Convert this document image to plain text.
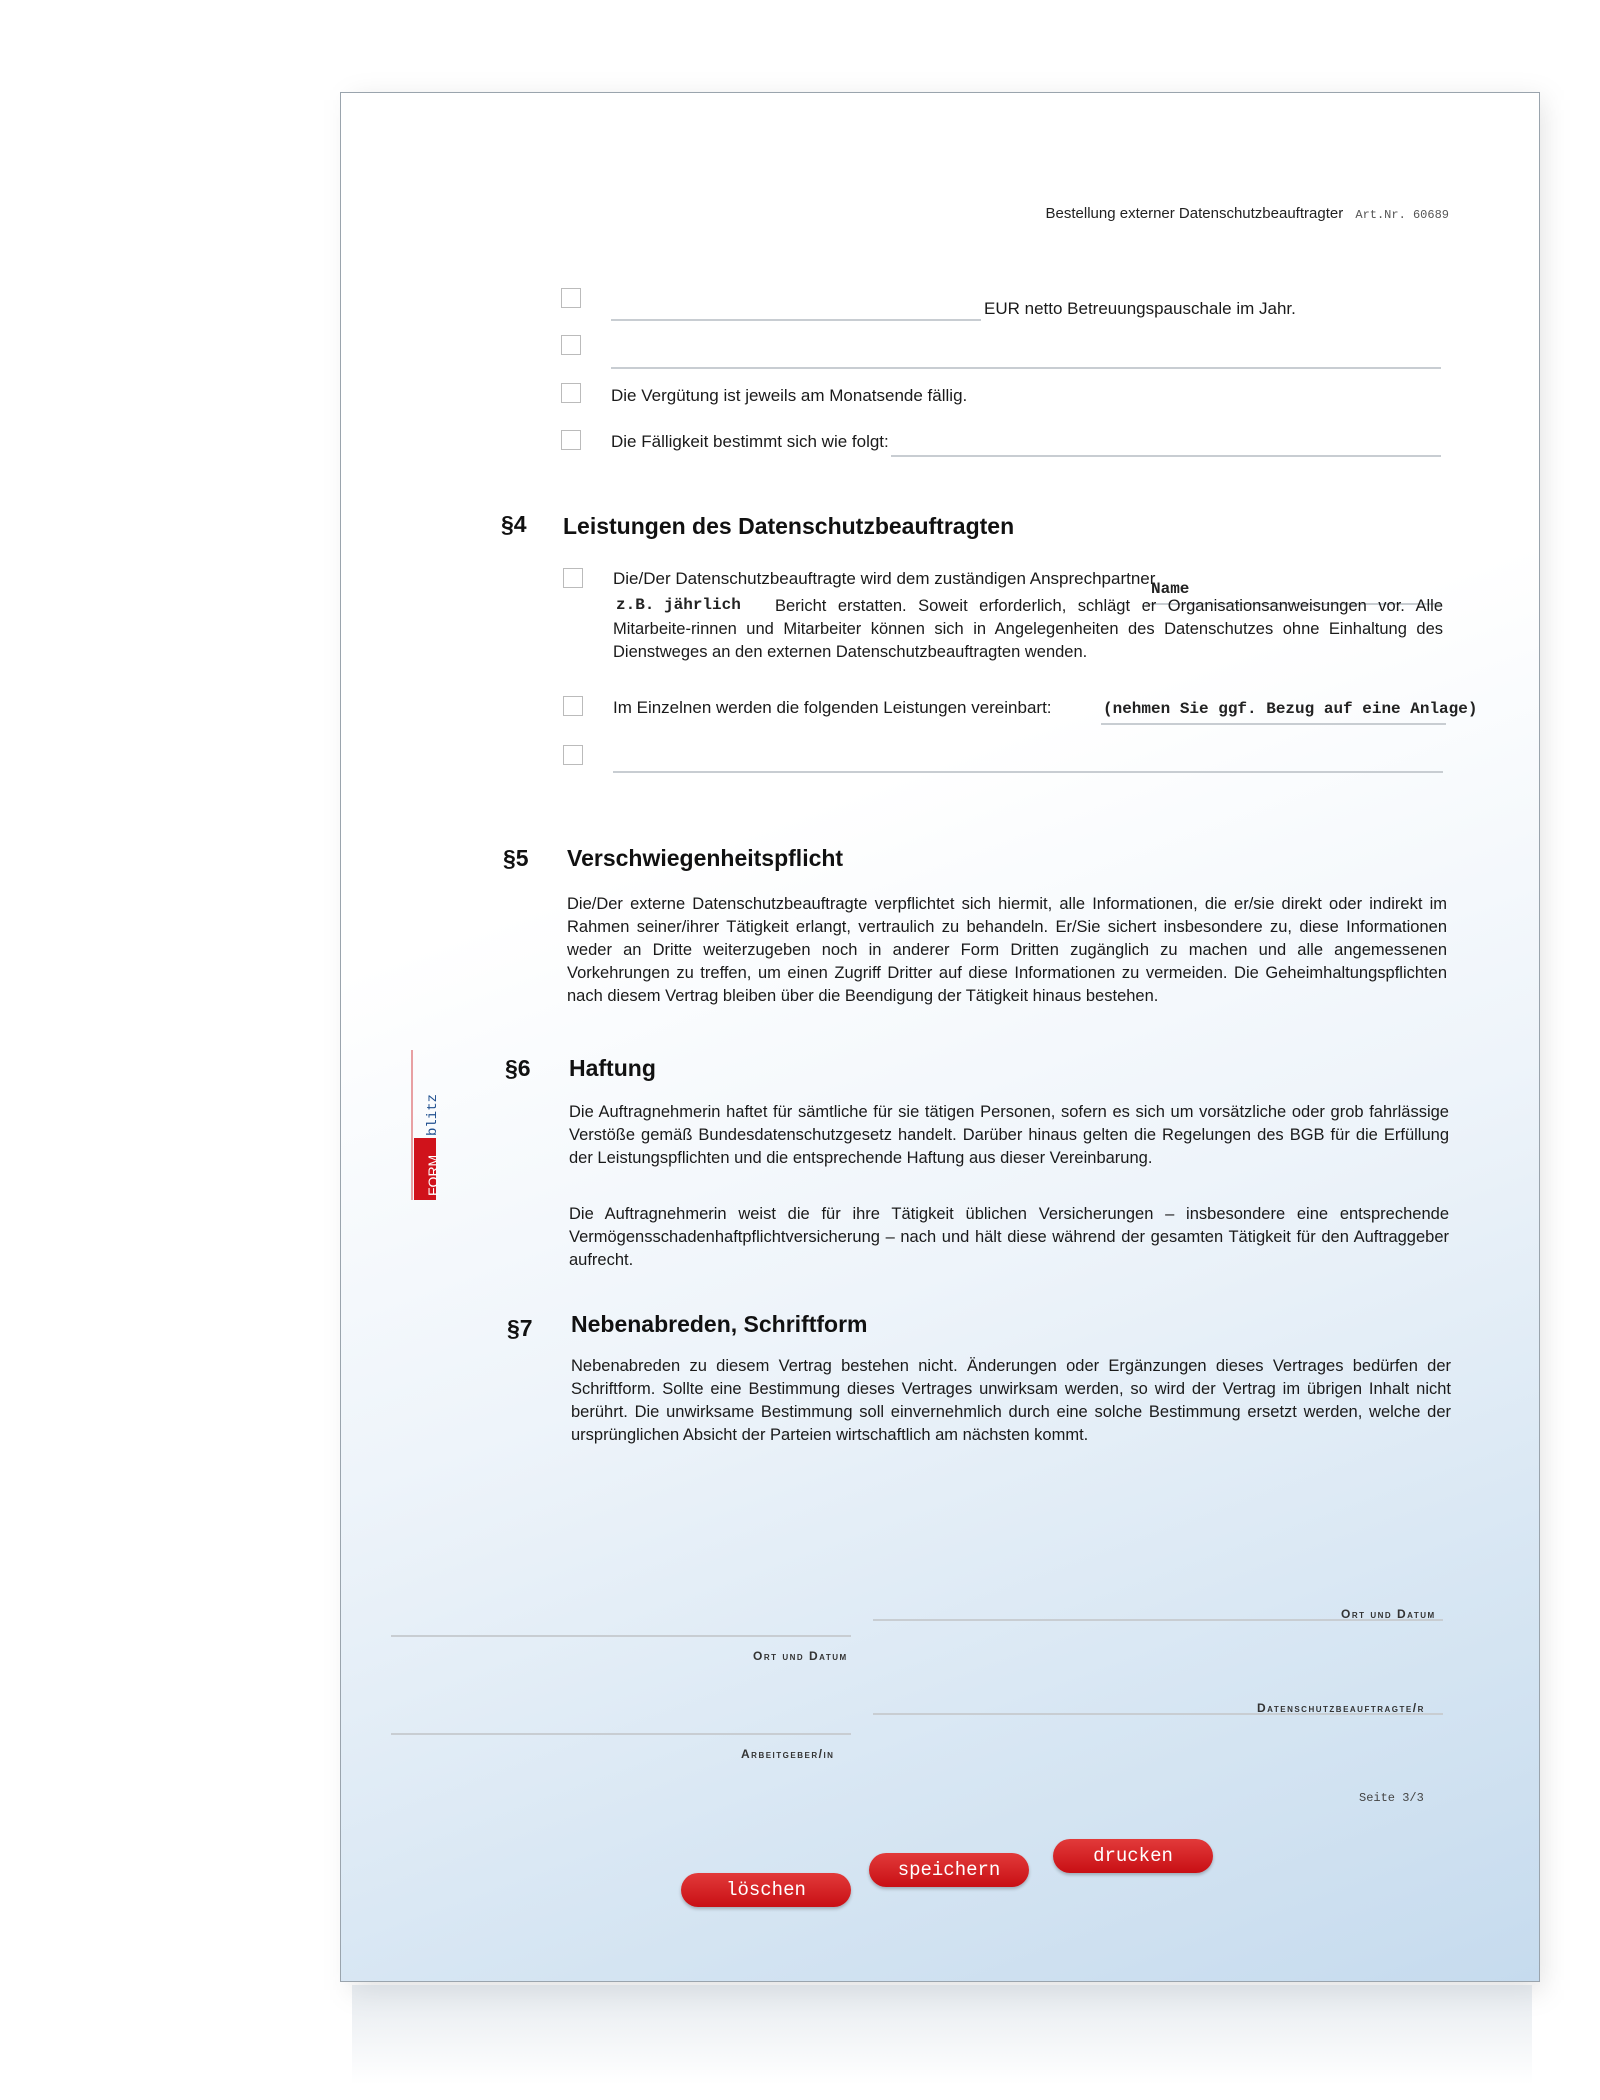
Bestellung externer Datenschutzbeauftragter Art.Nr. 60689
EUR netto Betreuungspauschale im Jahr.
Die Vergütung ist jeweils am Monatsende fällig.
Die Fälligkeit bestimmt sich wie folgt:
§4 Leistungen des Datenschutzbeauftragten
Die/Der Datenschutzbeauftragte wird dem zuständigen Ansprechpartner
Name
z.B. jährlich	Bericht erstatten. Soweit erforderlich, schlägt er Organisationsanweisungen vor. Alle Mitarbeite-rinnen und Mitarbeiter können sich in Angelegenheiten des Datenschutzes ohne Einhaltung des Dienstweges an den externen Datenschutzbeauftragten wenden.
Im Einzelnen werden die folgenden Leistungen vereinbart:	(nehmen Sie ggf. Bezug auf eine Anlage)
§5 Verschwiegenheitspflicht
Die/Der externe Datenschutzbeauftragte verpflichtet sich hiermit, alle Informationen, die er/sie direkt oder indirekt im Rahmen seiner/ihrer Tätigkeit erlangt, vertraulich zu behandeln. Er/Sie sichert insbesondere zu, diese Informationen weder an Dritte weiterzugeben noch in anderer Form Dritten zugänglich zu machen und alle angemessenen Vorkehrungen zu treffen, um einen Zugriff Dritter auf diese Informationen zu vermeiden. Die Geheimhaltungspflichten nach diesem Vertrag bleiben über die Beendigung der Tätigkeit hinaus bestehen.
§6 Haftung
Die Auftragnehmerin haftet für sämtliche für sie tätigen Personen, sofern es sich um vorsätzliche oder grob fahrlässige Verstöße gemäß Bundesdatenschutzgesetz handelt. Darüber hinaus gelten die Regelungen des BGB für die Erfüllung der Leistungspflichten und die entsprechende Haftung aus dieser Vereinbarung.
Die Auftragnehmerin weist die für ihre Tätigkeit üblichen Versicherungen – insbesondere eine entsprechende Vermögensschadenhaftpflichtversicherung – nach und hält diese während der gesamten Tätigkeit für den Auftraggeber aufrecht.
§7 Nebenabreden, Schriftform
Nebenabreden zu diesem Vertrag bestehen nicht. Änderungen oder Ergänzungen dieses Vertrages bedürfen der Schriftform. Sollte eine Bestimmung dieses Vertrages unwirksam werden, so wird der Vertrag im übrigen Inhalt nicht berührt. Die unwirksame Bestimmung soll einvernehmlich durch eine solche Bestimmung ersetzt werden, welche der ursprünglichen Absicht der Parteien wirtschaftlich am nächsten kommt.
Ort und Datum
Ort und Datum
Arbeitgeber/in
Datenschutzbeauftragte/r
Seite 3/3
löschen
speichern
drucken
FORM
blitz
